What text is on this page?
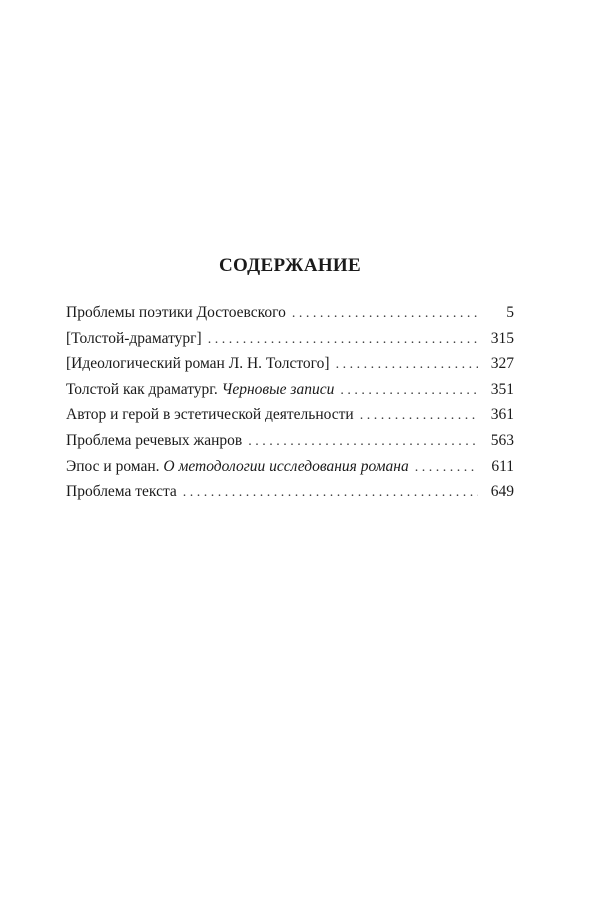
СОДЕРЖАНИЕ
Проблемы поэтики Достоевского . . .	5
[Толстой-драматург] . . .	315
[Идеологический роман Л. Н. Толстого] . . .	327
Толстой как драматург. Черновые записи . . .	351
Автор и герой в эстетической деятельности . . .	361
Проблема речевых жанров . . .	563
Эпос и роман. О методологии исследования романа . . .	611
Проблема текста . . .	649
